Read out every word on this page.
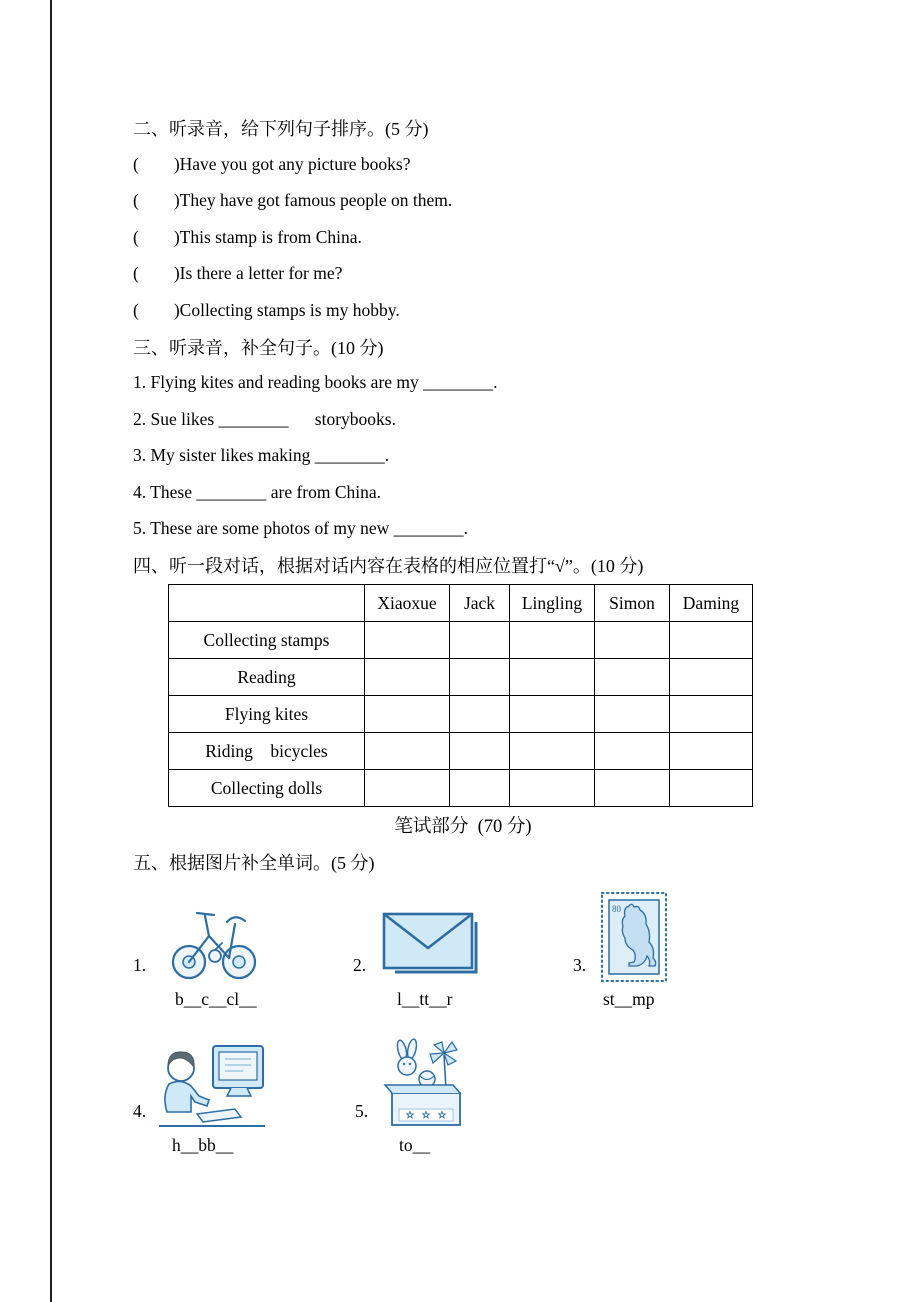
二、听录音，给下列句子排序。(5 分)
(        ) Have you got any picture books?
(        ) They have got famous people on them.
(        ) This stamp is from China.
(        ) Is there a letter for me?
(        ) Collecting stamps is my hobby.
三、听录音，补全句子。(10 分)
1. Flying kites and reading books are my ________.
2. Sue likes ________      storybooks.
3. My sister likes making ________.
4. These ________ are from China.
5. These are some photos of my new ________.
四、听一段对话，根据对话内容在表格的相应位置打“√”。(10 分)
	Xiaoxue	Jack	Lingling	Simon	Daming
Collecting stamps					
Reading					
Flying kites					
Riding    bicycles					
Collecting dolls					
笔试部分  (70 分)
五、根据图片补全单词。(5 分)
1.
b__c__cl__
2.
l__tt__r
3.
80
st__mp
4.
h__bb__
5.
to__
